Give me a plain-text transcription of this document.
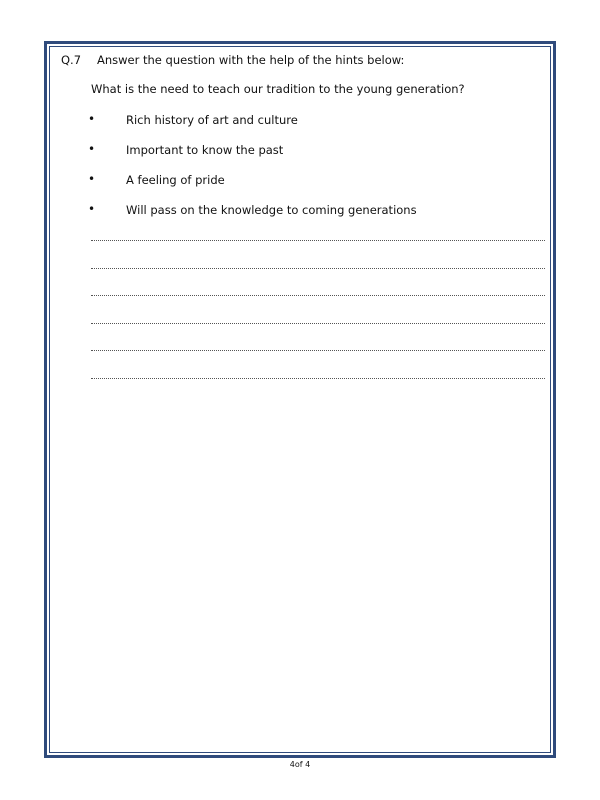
Q.7 Answer the question with the help of the hints below:
What is the need to teach our tradition to the young generation?
•	Rich history of art and culture
•	Important to know the past
•	A feeling of pride
•	Will pass on the knowledge to coming generations
4of 4
